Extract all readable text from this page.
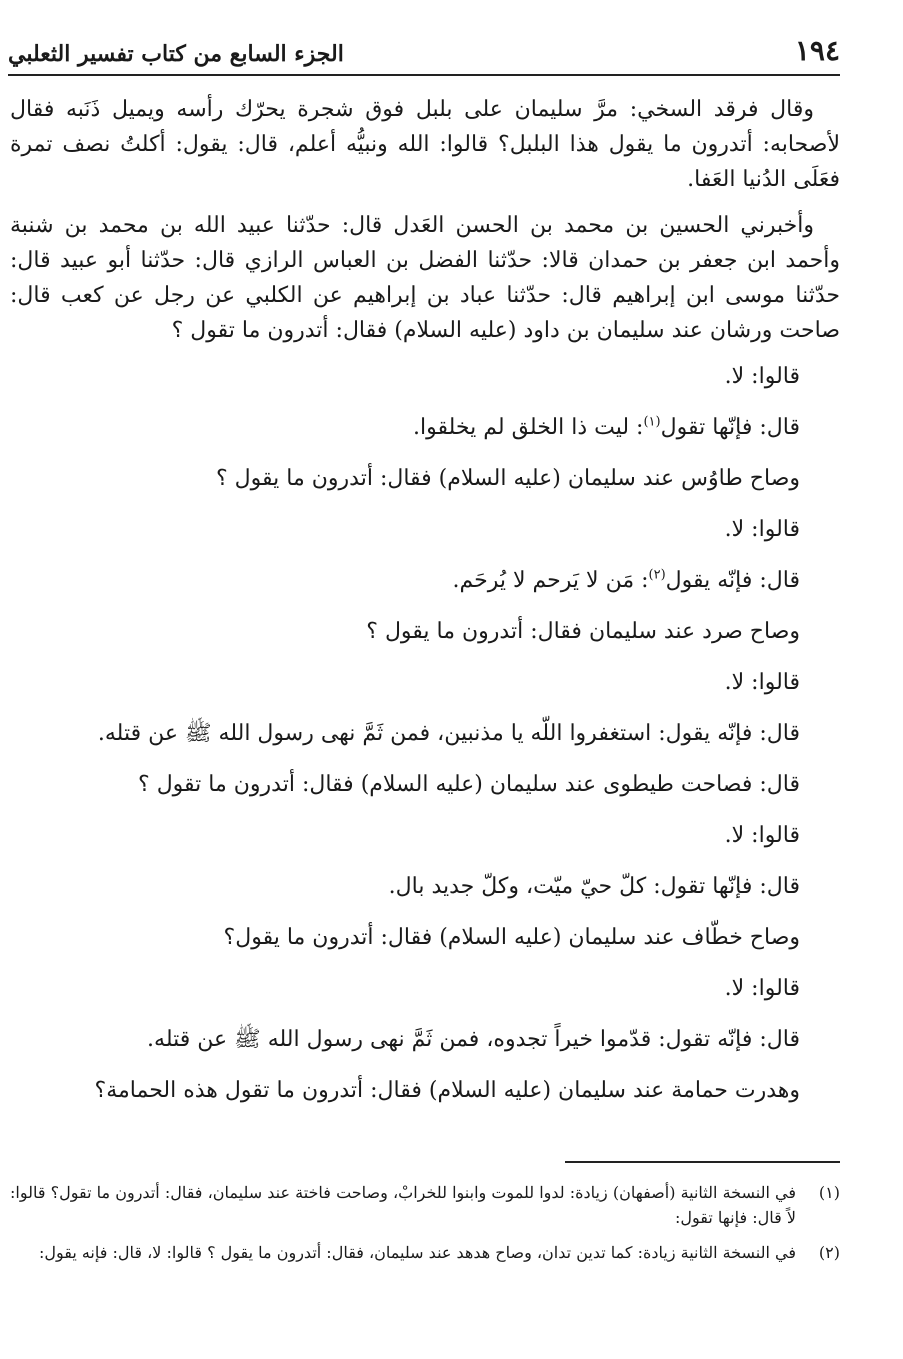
١٩٤
الجزء السابع من كتاب تفسير الثعلبي

وقال فرقد السخي: مرَّ سليمان على بلبل فوق شجرة يحرّك رأسه ويميل ذَنَبه فقال لأصحابه: أتدرون ما يقول هذا البلبل؟ قالوا: الله ونبيُّه أعلم، قال: يقول: أكلتُ نصف تمرة فعَلَى الدُنيا العَفا.

وأخبرني الحسين بن محمد بن الحسن العَدل قال: حدّثنا عبيد الله بن محمد بن شنبة وأحمد ابن جعفر بن حمدان قالا: حدّثنا الفضل بن العباس الرازي قال: حدّثنا أبو عبيد قال: حدّثنا موسى ابن إبراهيم قال: حدّثنا عباد بن إبراهيم عن الكلبي عن رجل عن كعب قال: صاحت ورشان عند سليمان بن داود (عليه السلام) فقال: أتدرون ما تقول ؟

قالوا: لا.

قال: فإنّها تقول$^{(١)}$: ليت ذا الخلق لم يخلقوا.

وصاح طاوُس عند سليمان (عليه السلام) فقال: أتدرون ما يقول ؟

قالوا: لا.

قال: فإنّه يقول$^{(٢)}$: مَن لا يَرحم لا يُرحَم.

وصاح صرد عند سليمان فقال: أتدرون ما يقول ؟

قالوا: لا.

قال: فإنّه يقول: استغفروا اللّه يا مذنبين، فمن ثَمَّ نهى رسول الله ﷺ عن قتله.

قال: فصاحت طيطوى عند سليمان (عليه السلام) فقال: أتدرون ما تقول ؟

قالوا: لا.

قال: فإنّها تقول: كلّ حيّ ميّت، وكلّ جديد بال.

وصاح خطّاف عند سليمان (عليه السلام) فقال: أتدرون ما يقول؟

قالوا: لا.

قال: فإنّه تقول: قدّموا خيراً تجدوه، فمن ثَمَّ نهى رسول الله ﷺ عن قتله.

وهدرت حمامة عند سليمان (عليه السلام) فقال: أتدرون ما تقول هذه الحمامة؟

(١)
في النسخة الثانية (أصفهان) زيادة: لدوا للموت وابنوا للخرابْ، وصاحت فاختة عند سليمان، فقال: أتدرون ما تقول؟ قالوا: لاً قال: فإنها تقول:
(٢)
في النسخة الثانية زيادة: كما تدين تدان، وصاح هدهد عند سليمان، فقال: أتدرون ما يقول ؟ قالوا: لا، قال: فإنه يقول:
